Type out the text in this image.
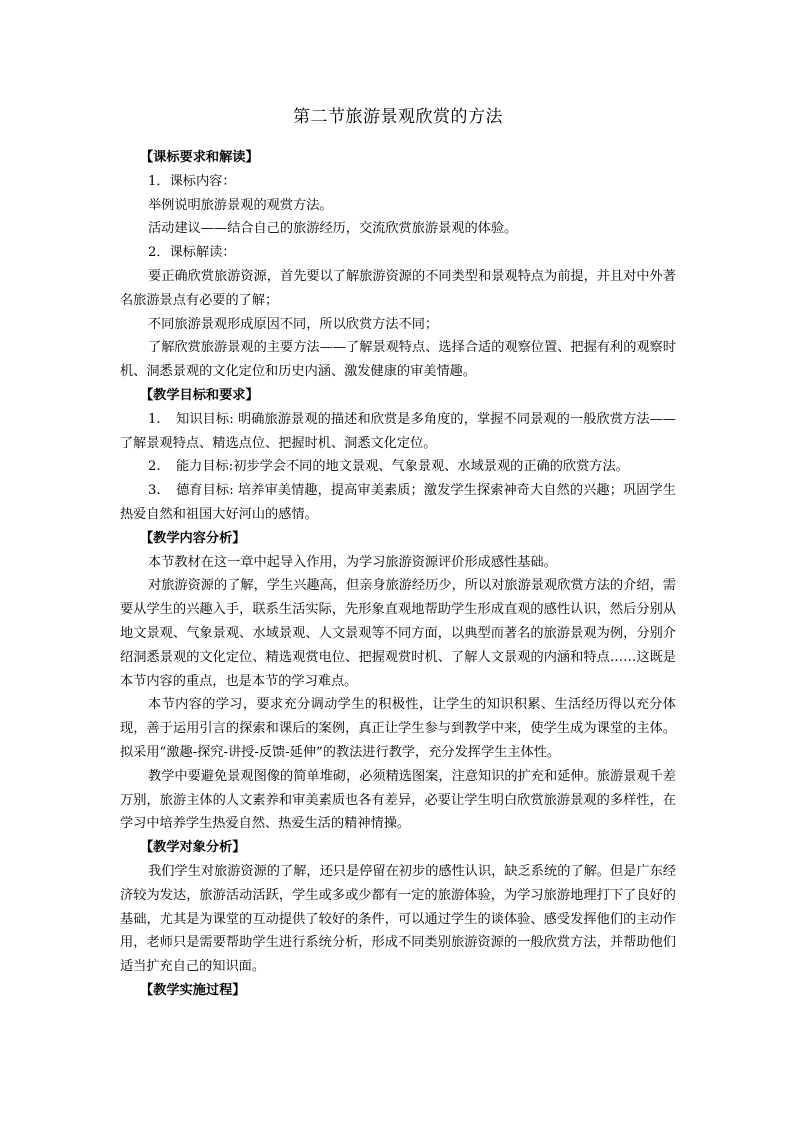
第二节旅游景观欣赏的方法
【课标要求和解读】
1．课标内容：
举例说明旅游景观的观赏方法。
活动建议——结合自己的旅游经历，交流欣赏旅游景观的体验。
2．课标解读：
要正确欣赏旅游资源，首先要以了解旅游资源的不同类型和景观特点为前提，并且对中外著名旅游景点有必要的了解；
不同旅游景观形成原因不同，所以欣赏方法不同；
了解欣赏旅游景观的主要方法——了解景观特点、选择合适的观察位置、把握有利的观察时机、洞悉景观的文化定位和历史内涵、激发健康的审美情趣。
【教学目标和要求】
1. 知识目标: 明确旅游景观的描述和欣赏是多角度的，掌握不同景观的一般欣赏方法——了解景观特点、精选点位、把握时机、洞悉文化定位。
2. 能力目标:初步学会不同的地文景观、气象景观、水域景观的正确的欣赏方法。
3. 德育目标: 培养审美情趣，提高审美素质；激发学生探索神奇大自然的兴趣；巩固学生热爱自然和祖国大好河山的感情。
【教学内容分析】
本节教材在这一章中起导入作用，为学习旅游资源评价形成感性基础。
对旅游资源的了解，学生兴趣高，但亲身旅游经历少，所以对旅游景观欣赏方法的介绍，需要从学生的兴趣入手，联系生活实际，先形象直观地帮助学生形成直观的感性认识，然后分别从地文景观、气象景观、水域景观、人文景观等不同方面，以典型而著名的旅游景观为例，分别介绍洞悉景观的文化定位、精选观赏电位、把握观赏时机、了解人文景观的内涵和特点……这既是本节内容的重点，也是本节的学习难点。
本节内容的学习，要求充分调动学生的积极性，让学生的知识积累、生活经历得以充分体现，善于运用引言的探索和课后的案例，真正让学生参与到教学中来，使学生成为课堂的主体。拟采用“激趣-探究-讲授-反馈-延伸”的教法进行教学，充分发挥学生主体性。
教学中要避免景观图像的简单堆砌，必须精选图案，注意知识的扩充和延伸。旅游景观千差万别，旅游主体的人文素养和审美素质也各有差异，必要让学生明白欣赏旅游景观的多样性，在学习中培养学生热爱自然、热爱生活的精神情操。
【教学对象分析】
我们学生对旅游资源的了解，还只是停留在初步的感性认识，缺乏系统的了解。但是广东经济较为发达，旅游活动活跃，学生或多或少都有一定的旅游体验，为学习旅游地理打下了良好的基础，尤其是为课堂的互动提供了较好的条件，可以通过学生的谈体验、感受发挥他们的主动作用，老师只是需要帮助学生进行系统分析，形成不同类别旅游资源的一般欣赏方法，并帮助他们适当扩充自己的知识面。
【教学实施过程】
